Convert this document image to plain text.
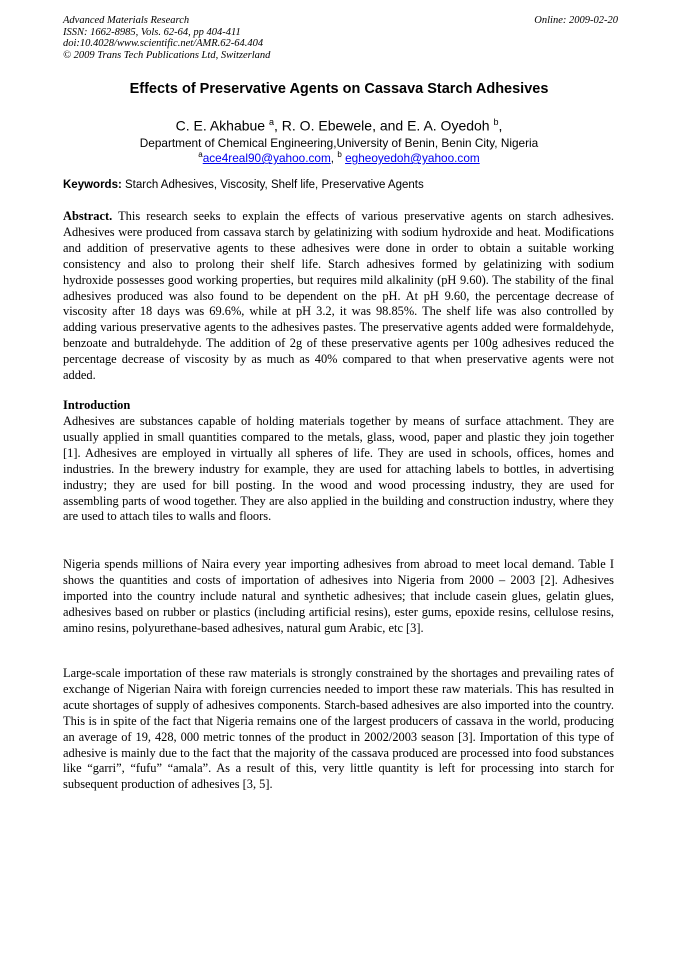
Advanced Materials Research
ISSN: 1662-8985, Vols. 62-64, pp 404-411
doi:10.4028/www.scientific.net/AMR.62-64.404
© 2009 Trans Tech Publications Ltd, Switzerland
Online: 2009-02-20
Effects of Preservative Agents on Cassava Starch Adhesives
C. E. Akhabue $^a$, R. O. Ebewele, and E. A. Oyedoh $^b$,
Department of Chemical Engineering,University of Benin, Benin City, Nigeria
$^a$ace4real90@yahoo.com, $^b$ egheoyedoh@yahoo.com
Keywords: Starch Adhesives, Viscosity, Shelf life, Preservative Agents
Abstract. This research seeks to explain the effects of various preservative agents on starch adhesives. Adhesives were produced from cassava starch by gelatinizing with sodium hydroxide and heat. Modifications and addition of preservative agents to these adhesives were done in order to obtain a suitable working consistency and also to prolong their shelf life. Starch adhesives formed by gelatinizing with sodium hydroxide possesses good working properties, but requires mild alkalinity (pH 9.60). The stability of the final adhesives produced was also found to be dependent on the pH. At pH 9.60, the percentage decrease of viscosity after 18 days was 69.6%, while at pH 3.2, it was 98.85%. The shelf life was also controlled by adding various preservative agents to the adhesives pastes. The preservative agents added were formaldehyde, benzoate and butraldehyde. The addition of 2g of these preservative agents per 100g adhesives reduced the percentage decrease of viscosity by as much as 40% compared to that when preservative agents were not added.
Introduction
Adhesives are substances capable of holding materials together by means of surface attachment. They are usually applied in small quantities compared to the metals, glass, wood, paper and plastic they join together [1]. Adhesives are employed in virtually all spheres of life. They are used in schools, offices, homes and industries. In the brewery industry for example, they are used for attaching labels to bottles, in advertising industry; they are used for bill posting. In the wood and wood processing industry, they are used for assembling parts of wood together. They are also applied in the building and construction industry, where they are used to attach tiles to walls and floors.
Nigeria spends millions of Naira every year importing adhesives from abroad to meet local demand. Table I shows the quantities and costs of importation of adhesives into Nigeria from 2000 – 2003 [2]. Adhesives imported into the country include natural and synthetic adhesives; that include casein glues, gelatin glues, adhesives based on rubber or plastics (including artificial resins), ester gums, epoxide resins, cellulose resins, amino resins, polyurethane-based adhesives, natural gum Arabic, etc [3].
Large-scale importation of these raw materials is strongly constrained by the shortages and prevailing rates of exchange of Nigerian Naira with foreign currencies needed to import these raw materials. This has resulted in acute shortages of supply of adhesives components. Starch-based adhesives are also imported into the country. This is in spite of the fact that Nigeria remains one of the largest producers of cassava in the world, producing an average of 19, 428, 000 metric tonnes of the product in 2002/2003 season [3]. Importation of this type of adhesive is mainly due to the fact that the majority of the cassava produced are processed into food substances like “garri”, “fufu” “amala”. As a result of this, very little quantity is left for processing into starch for subsequent production of adhesives [3, 5].
